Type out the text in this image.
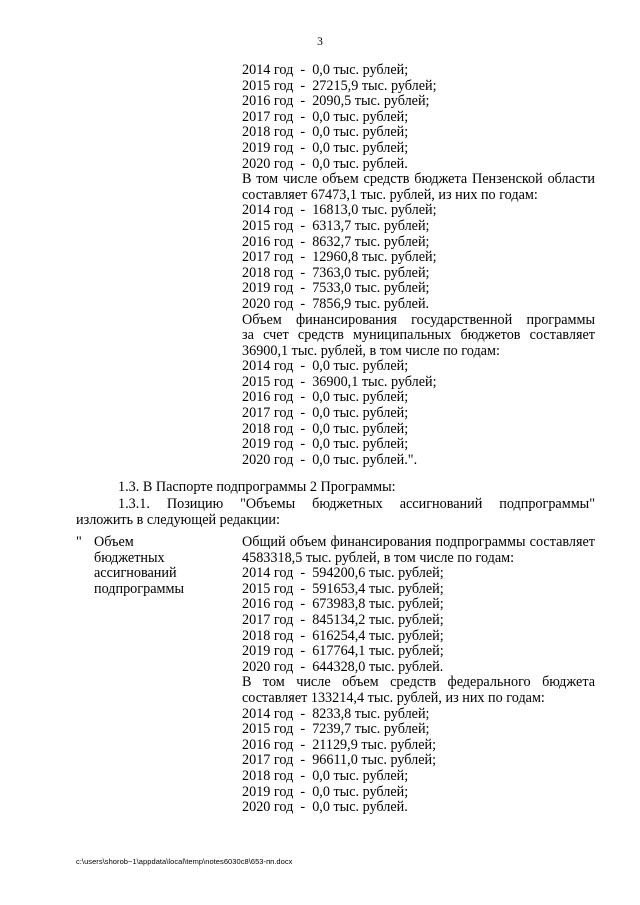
3
2014 год  -  0,0 тыс. рублей;
2015 год  -  27215,9 тыс. рублей;
2016 год  -  2090,5 тыс. рублей;
2017 год  -  0,0 тыс. рублей;
2018 год  -  0,0 тыс. рублей;
2019 год  -  0,0 тыс. рублей;
2020 год  -  0,0 тыс. рублей.
В том числе объем средств бюджета Пензенской области
составляет 67473,1 тыс. рублей, из них по годам:
2014 год  -  16813,0 тыс. рублей;
2015 год  -  6313,7 тыс. рублей;
2016 год  -  8632,7 тыс. рублей;
2017 год  -  12960,8 тыс. рублей;
2018 год  -  7363,0 тыс. рублей;
2019 год  -  7533,0 тыс. рублей;
2020 год  -  7856,9 тыс. рублей.
Объем финансирования государственной программы
за счет средств муниципальных бюджетов составляет
36900,1 тыс. рублей, в том числе по годам:
2014 год  -  0,0 тыс. рублей;
2015 год  -  36900,1 тыс. рублей;
2016 год  -  0,0 тыс. рублей;
2017 год  -  0,0 тыс. рублей;
2018 год  -  0,0 тыс. рублей;
2019 год  -  0,0 тыс. рублей;
2020 год  -  0,0 тыс. рублей.".
1.3. В Паспорте подпрограммы 2 Программы:
1.3.1. Позицию "Объемы бюджетных ассигнований подпрограммы"
изложить в следующей редакции:
" Объем
бюджетных
ассигнований
подпрограммы
Общий объем финансирования подпрограммы составляет
4583318,5 тыс. рублей, в том числе по годам:
2014 год  -  594200,6 тыс. рублей;
2015 год  -  591653,4 тыс. рублей;
2016 год  -  673983,8 тыс. рублей;
2017 год  -  845134,2 тыс. рублей;
2018 год  -  616254,4 тыс. рублей;
2019 год  -  617764,1 тыс. рублей;
2020 год  -  644328,0 тыс. рублей.
В том числе объем средств федерального бюджета
составляет 133214,4 тыс. рублей, из них по годам:
2014 год  -  8233,8 тыс. рублей;
2015 год  -  7239,7 тыс. рублей;
2016 год  -  21129,9 тыс. рублей;
2017 год  -  96611,0 тыс. рублей;
2018 год  -  0,0 тыс. рублей;
2019 год  -  0,0 тыс. рублей;
2020 год  -  0,0 тыс. рублей.
c:\users\shorob~1\appdata\local\temp\notes6030c8\653-пп.docx
